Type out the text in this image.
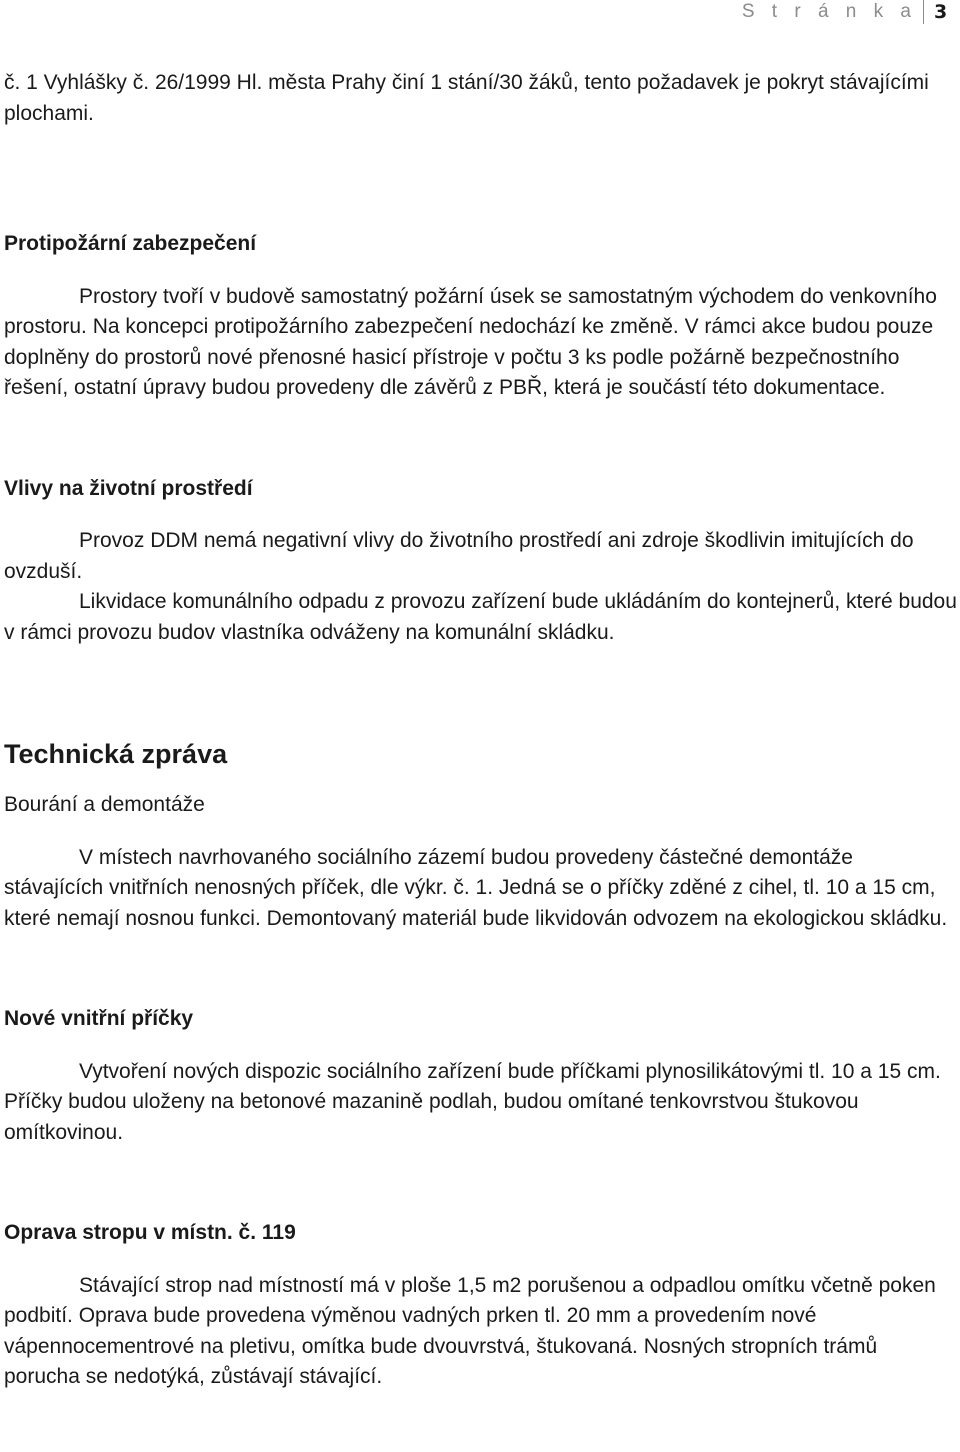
S t r á n k a 3

č. 1 Vyhlášky č. 26/1999 Hl. města Prahy činí 1 stání/30 žáků, tento požadavek je pokryt stávajícími plochami.

Protipožární zabezpečení

Prostory tvoří v budově samostatný požární úsek se samostatným východem do venkovního prostoru. Na koncepci protipožárního zabezpečení nedochází ke změně. V rámci akce budou pouze doplněny do prostorů nové přenosné hasicí přístroje v počtu 3 ks podle požárně bezpečnostního řešení, ostatní úpravy budou provedeny dle závěrů z PBŘ, která je součástí této dokumentace.

Vlivy na životní prostředí

Provoz DDM nemá negativní vlivy do životního prostředí ani zdroje škodlivin imitujících do ovzduší.

Likvidace komunálního odpadu z provozu zařízení bude ukládáním do kontejnerů, které budou v rámci provozu budov vlastníka odváženy na komunální skládku.

Technická zpráva

Bourání a demontáže

V místech navrhovaného sociálního zázemí budou provedeny částečné demontáže stávajících vnitřních nenosných příček, dle výkr. č. 1. Jedná se o příčky zděné z cihel, tl. 10 a 15 cm, které nemají nosnou funkci. Demontovaný materiál bude likvidován odvozem na ekologickou skládku.

Nové vnitřní příčky

Vytvoření nových dispozic sociálního zařízení bude příčkami plynosilikátovými tl. 10 a 15 cm. Příčky budou uloženy na betonové mazanině podlah, budou omítané tenkovrstvou štukovou omítkovinou.

Oprava stropu v místn. č. 119

Stávající strop nad místností má v ploše 1,5 m2 porušenou a odpadlou omítku včetně poken podbití. Oprava bude provedena výměnou vadných prken tl. 20 mm a provedením nové vápennocementrové na pletivu, omítka bude dvouvrstvá, štukovaná. Nosných stropních trámů porucha se nedotýká, zůstávají stávající.
